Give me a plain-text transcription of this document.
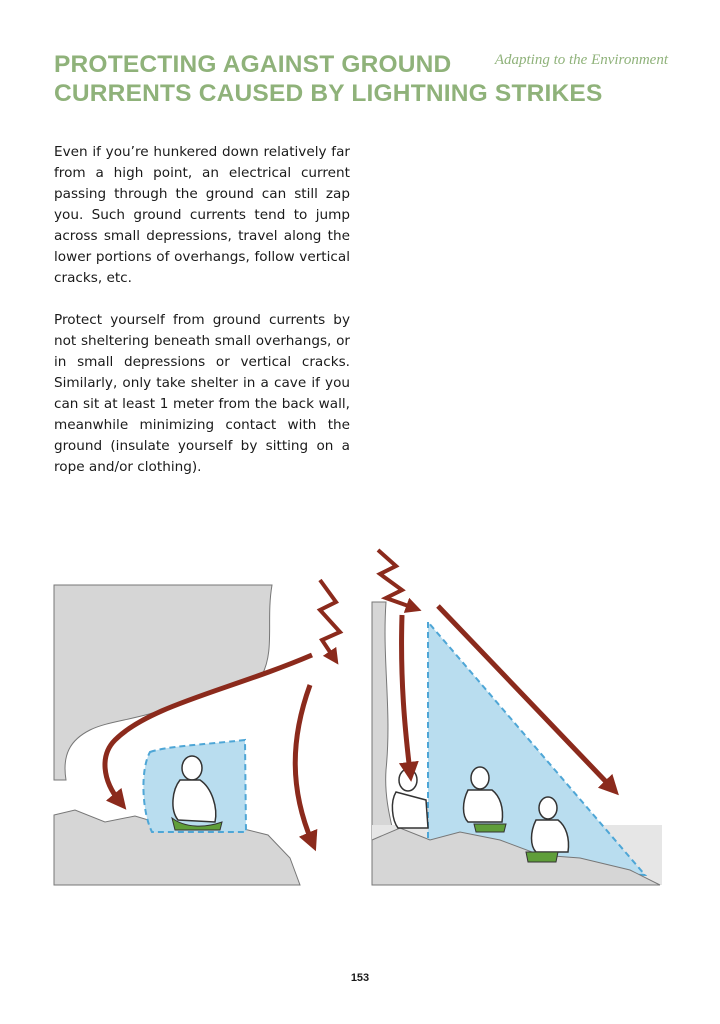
Adapting to the Environment
PROTECTING AGAINST GROUND
CURRENTS CAUSED BY LIGHTNING STRIKES

Even if you’re hunkered down relatively far from a high point, an electrical current passing through the ground can still zap you. Such ground currents tend to jump across small depressions, travel along the lower portions of overhangs, follow vertical cracks, etc.

Protect yourself from ground currents by not sheltering beneath small overhangs, or in small depressions or vertical cracks. Similarly, only take shelter in a cave if you can sit at least 1 meter from the back wall, meanwhile minimizing contact with the ground (insulate yourself by sitting on a rope and/or clothing).

153
